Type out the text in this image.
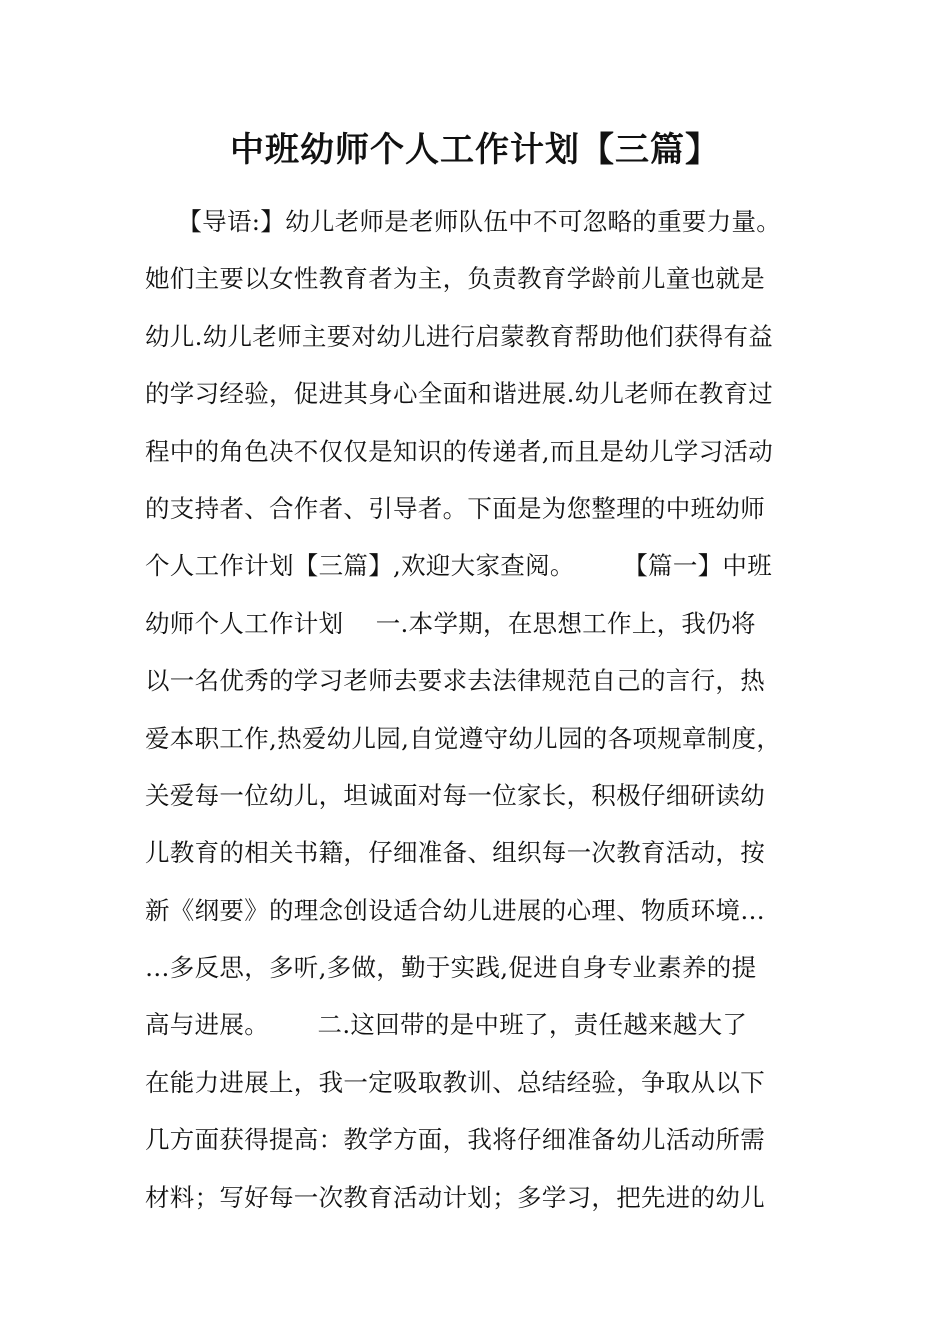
中班幼师个人工作计划【三篇】
【导语:】幼儿老师是老师队伍中不可忽略的重要力量。
她们主要以女性教育者为主，负责教育学龄前儿童也就是
幼儿.幼儿老师主要对幼儿进行启蒙教育帮助他们获得有益
的学习经验，促进其身心全面和谐进展.幼儿老师在教育过
程中的角色决不仅仅是知识的传递者,而且是幼儿学习活动
的支持者、合作者、引导者。下面是为您整理的中班幼师
个人工作计划【三篇】,欢迎大家查阅。      【篇一】中班
幼师个人工作计划    一.本学期，在思想工作上，我仍将
以一名优秀的学习老师去要求去法律规范自己的言行，热
爱本职工作,热爱幼儿园,自觉遵守幼儿园的各项规章制度，
关爱每一位幼儿，坦诚面对每一位家长，积极仔细研读幼
儿教育的相关书籍，仔细准备、组织每一次教育活动，按
新《纲要》的理念创设适合幼儿进展的心理、物质环境…
…多反思，多听,多做，勤于实践,促进自身专业素养的提
高与进展。      二.这回带的是中班了，责任越来越大了
在能力进展上，我一定吸取教训、总结经验，争取从以下
几方面获得提高：教学方面，我将仔细准备幼儿活动所需
材料；写好每一次教育活动计划；多学习，把先进的幼儿
